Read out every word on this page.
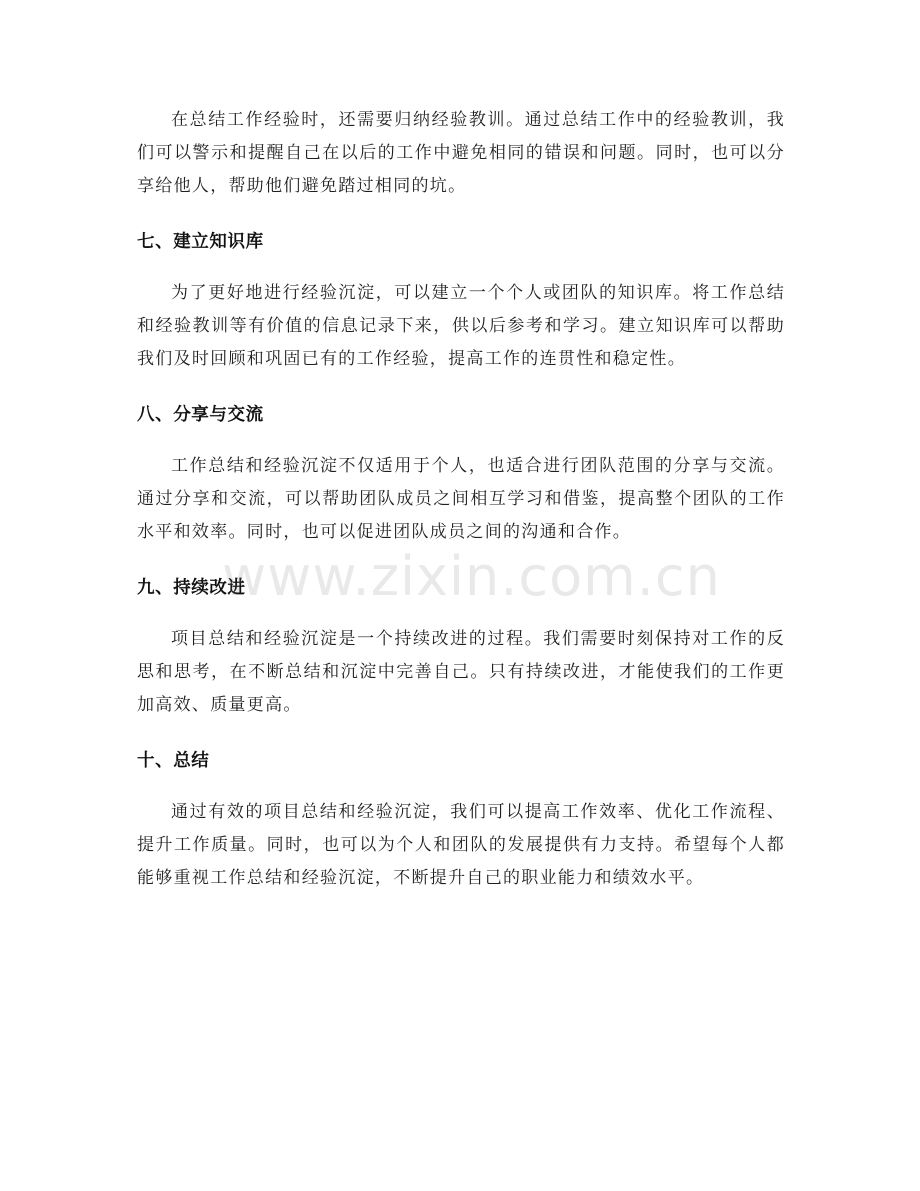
在总结工作经验时，还需要归纳经验教训。通过总结工作中的经验教训，我们可以警示和提醒自己在以后的工作中避免相同的错误和问题。同时，也可以分享给他人，帮助他们避免踏过相同的坑。

七、建立知识库

为了更好地进行经验沉淀，可以建立一个个人或团队的知识库。将工作总结和经验教训等有价值的信息记录下来，供以后参考和学习。建立知识库可以帮助我们及时回顾和巩固已有的工作经验，提高工作的连贯性和稳定性。

八、分享与交流

工作总结和经验沉淀不仅适用于个人，也适合进行团队范围的分享与交流。通过分享和交流，可以帮助团队成员之间相互学习和借鉴，提高整个团队的工作水平和效率。同时，也可以促进团队成员之间的沟通和合作。

九、持续改进

项目总结和经验沉淀是一个持续改进的过程。我们需要时刻保持对工作的反思和思考，在不断总结和沉淀中完善自己。只有持续改进，才能使我们的工作更加高效、质量更高。

十、总结

通过有效的项目总结和经验沉淀，我们可以提高工作效率、优化工作流程、提升工作质量。同时，也可以为个人和团队的发展提供有力支持。希望每个人都能够重视工作总结和经验沉淀，不断提升自己的职业能力和绩效水平。

www.zixin.com.cn
